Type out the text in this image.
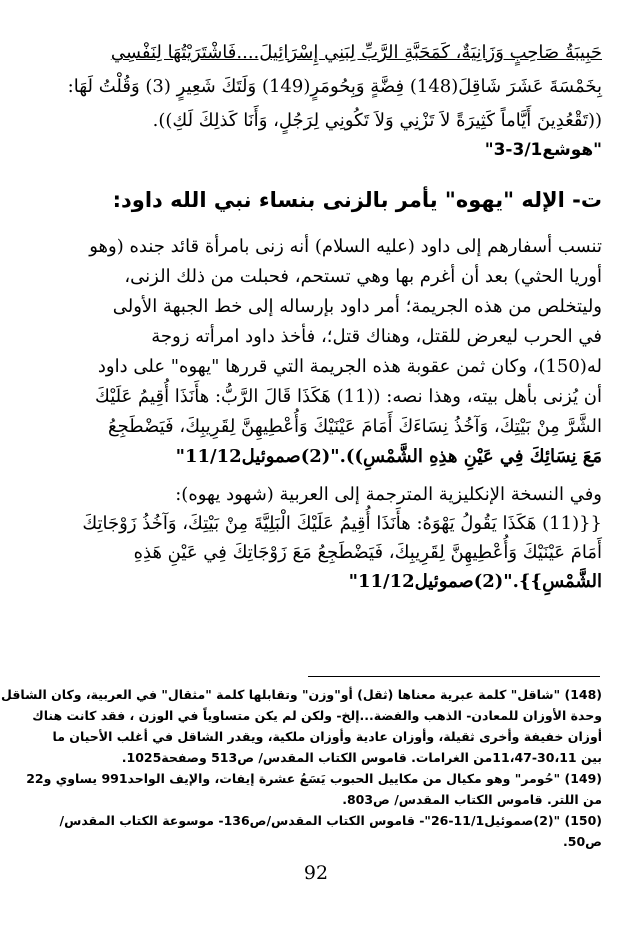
حَبِيبَةُ صَاحِبٍ وَزَانِيَةٌ، كَمَحَبَّةِ الرَّبِّ لِبَنِي إِسْرَائِيلَ....فَاشْتَرَيْتُهَا لِنَفْسِي
بِخَمْسَةَ عَشَرَ شَاقِلَ(148) فِضَّةٍ وَبِحُومَرٍ(149) وَلَتَكَ شَعِيرٍ (3) وَقُلْتُ لَهَا:
((تَقْعُدِينَ أَيَّاماً كَثِيرَةً لاَ تَزْنِي وَلاَ تَكُونِي لِرَجُلٍ، وَأَنَا كَذلِكَ لَكِ)).
"هوشع3/1-3"
ت- الإله "يهوه" يأمر بالزنى بنساء نبي الله داود:
تنسب أسفارهم إلى داود (عليه السلام) أنه زنى بامرأة قائد جنده (وهو
أوريا الحثي) بعد أن أغرم بها وهي تستحم، فحبلت من ذلك الزنى،
وليتخلص من هذه الجريمة؛ أمر داود بإرساله إلى خط الجبهة الأولى
في الحرب ليعرض للقتل، وهناك قتل؛، فأخذ داود امرأته زوجة
له(150)، وكان ثمن عقوبة هذه الجريمة التي قررها "يهوه" على داود
أن يُزنى بأهل بيته، وهذا نصه: ((11) هَكَذَا قَالَ الرَّبُّ: هأَنَذَا أُقِيمُ عَلَيْكَ
الشَّرَّ مِنْ بَيْتِكَ، وَآخُذُ نِسَاءَكَ أَمَامَ عَيْنَيْكَ وَأُعْطِيهِنَّ لِقَرِيبِكَ، فَيَضْطَجِعُ
مَعَ نِسَائِكَ فِي عَيْنِ هذِهِ الشَّمْسِ))."(2)صموئيل11/12"
وفي النسخة الإنكليزية المترجمة إلى العربية (شهود يهوه):
{{(11) هَكَذَا يَقُولُ يَهْوَهُ: هأَنَذَا أُقِيمُ عَلَيْكَ الْبَلِيَّةَ مِنْ بَيْتِكَ، وَآخُذُ زَوْجَاتِكَ
أَمَامَ عَيْنَيْكَ وَأُعْطِيهِنَّ لِقَرِيبِكَ، فَيَضْطَجِعُ مَعَ زَوْجَاتِكَ فِي عَيْنِ هَذِهِ
الشَّمْسِ}}."(2)صموئيل11/12"
(148) "شاقل" كلمة عبرية معناها (ثقل) أو"وزن" وتقابلها كلمة "مثقال" في العربية، وكان الشاقل
وحدة الأوزان للمعادن- الذهب والفضة...إلخ- ولكن لم يكن متساوياً في الوزن ، فقد كانت هناك
أوزان خفيفة وأخرى ثقيلة، وأوزان عادية وأوزان ملكية، ويقدر الشاقل في أغلب الأحيان ما
بين 30،11-11،47من الغرامات. قاموس الكتاب المقدس/ ص513 وصفحة1025.
(149) "حُومر" وهو مكيال من مكاييل الحبوب يَسَعُ عشرة إيفات، والإيف الواحد991 يساوي و22
من اللتر. قاموس الكتاب المقدس/ ص803.
(150) "(2)صموئيل11/1-26"- قاموس الكتاب المقدس/ص136- موسوعة الكتاب المقدس/
ص50.
92
